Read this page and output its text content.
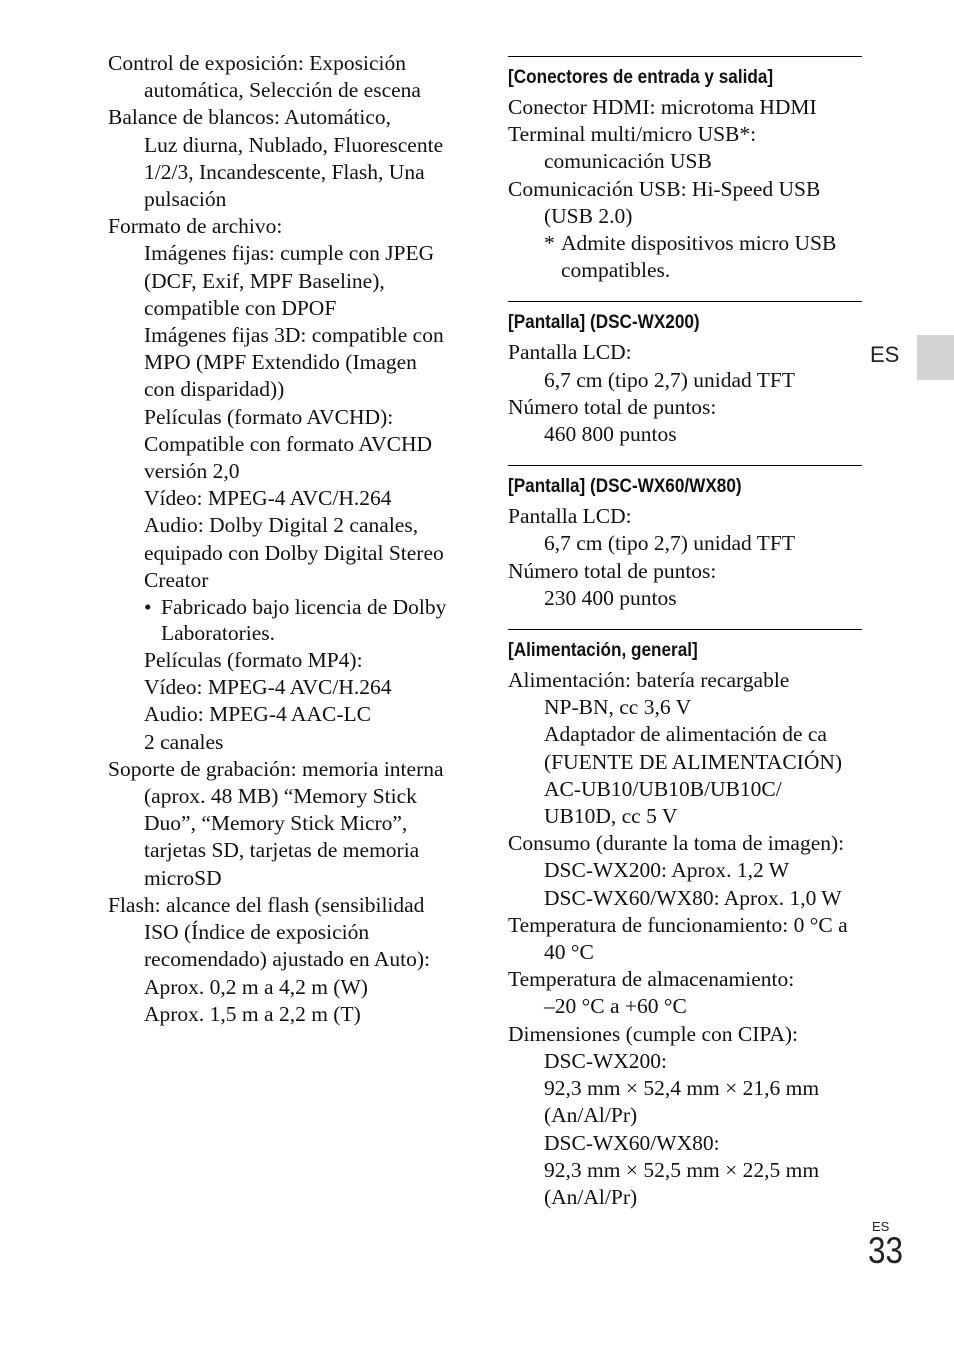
Control de exposición: Exposición
automática, Selección de escena
Balance de blancos: Automático,
Luz diurna, Nublado, Fluorescente
1/2/3, Incandescente, Flash, Una
pulsación
Formato de archivo:
Imágenes fijas: cumple con JPEG
(DCF, Exif, MPF Baseline),
compatible con DPOF
Imágenes fijas 3D: compatible con
MPO (MPF Extendido (Imagen
con disparidad))
Películas (formato AVCHD):
Compatible con formato AVCHD
versión 2,0
Vídeo: MPEG-4 AVC/H.264
Audio: Dolby Digital 2 canales,
equipado con Dolby Digital Stereo
Creator
• Fabricado bajo licencia de Dolby
Laboratories.
Películas (formato MP4):
Vídeo: MPEG-4 AVC/H.264
Audio: MPEG-4 AAC-LC
2 canales
Soporte de grabación: memoria interna
(aprox. 48 MB) “Memory Stick
Duo”, “Memory Stick Micro”,
tarjetas SD, tarjetas de memoria
microSD
Flash: alcance del flash (sensibilidad
ISO (Índice de exposición
recomendado) ajustado en Auto):
Aprox. 0,2 m a 4,2 m (W)
Aprox. 1,5 m a 2,2 m (T)
[Conectores de entrada y salida]
Conector HDMI: microtoma HDMI
Terminal multi/micro USB*:
comunicación USB
Comunicación USB: Hi-Speed USB
(USB 2.0)
* Admite dispositivos micro USB
compatibles.
[Pantalla] (DSC-WX200)
Pantalla LCD:
6,7 cm (tipo 2,7) unidad TFT
Número total de puntos:
460 800 puntos
[Pantalla] (DSC-WX60/WX80)
Pantalla LCD:
6,7 cm (tipo 2,7) unidad TFT
Número total de puntos:
230 400 puntos
[Alimentación, general]
Alimentación: batería recargable
NP-BN, cc 3,6 V
Adaptador de alimentación de ca
(FUENTE DE ALIMENTACIÓN)
AC-UB10/UB10B/UB10C/
UB10D, cc 5 V
Consumo (durante la toma de imagen):
DSC-WX200: Aprox. 1,2 W
DSC-WX60/WX80: Aprox. 1,0 W
Temperatura de funcionamiento: 0 °C a
40 °C
Temperatura de almacenamiento:
–20 °C a +60 °C
Dimensiones (cumple con CIPA):
DSC-WX200:
92,3 mm × 52,4 mm × 21,6 mm
(An/Al/Pr)
DSC-WX60/WX80:
92,3 mm × 52,5 mm × 22,5 mm
(An/Al/Pr)
ES
ES
33
